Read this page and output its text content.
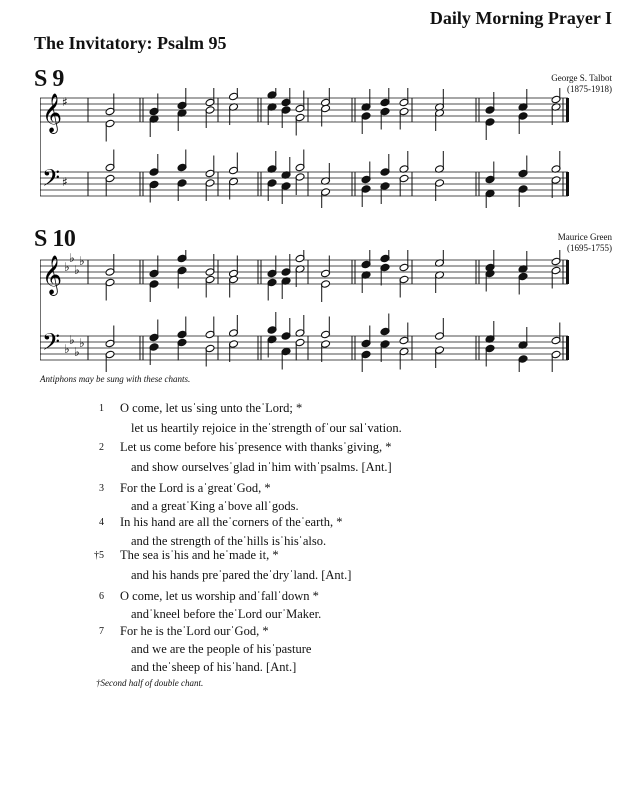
Daily Morning Prayer I
The Invitatory: Psalm 95
S 9	George S. Talbot
(1875-1918)
𝄞
𝄢
♯
♯
S 10	Maurice Green
(1695-1755)
𝄞
𝄢
♭
♭
♭
♭
♭
♭
♭
♭
Antiphons may be sung with these chants.
1 O come, let usˈsing unto theˈLord; *
let us heartily rejoice in theˈstrength ofˈour salˈvation.
2 Let us come before hisˈpresence with thanksˈgiving, *
and show ourselvesˈglad inˈhim withˈpsalms. [Ant.]
3 For the Lord is aˈgreatˈGod, *
and a greatˈKing aˈbove allˈgods.
4 In his hand are all theˈcorners of theˈearth, *
and the strength of theˈhills isˈhisˈalso.
†5 The sea isˈhis and heˈmade it, *
and his hands preˈpared theˈdryˈland. [Ant.]
6 O come, let us worship andˈfallˈdown *
andˈkneel before theˈLord ourˈMaker.
7 For he is theˈLord ourˈGod, *
and we are the people of hisˈpasture
and theˈsheep of hisˈhand. [Ant.]
†Second half of double chant.
